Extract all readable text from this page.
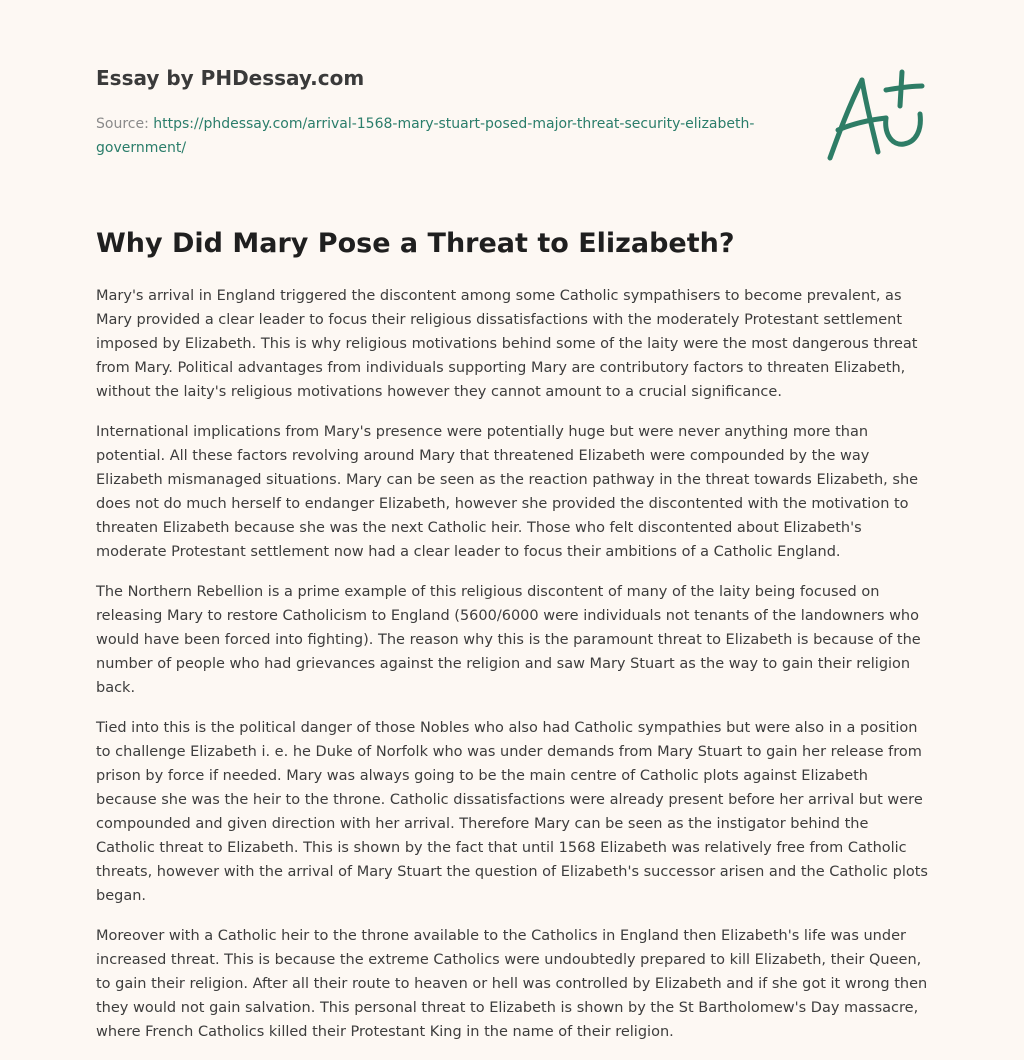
Essay by PHDessay.com
Source: https://phdessay.com/arrival-1568-mary-stuart-posed-major-threat-security-elizabeth-government/
Why Did Mary Pose a Threat to Elizabeth?

Mary's arrival in England triggered the discontent among some Catholic sympathisers to become prevalent, as Mary provided a clear leader to focus their religious dissatisfactions with the moderately Protestant settlement imposed by Elizabeth. This is why religious motivations behind some of the laity were the most dangerous threat from Mary. Political advantages from individuals supporting Mary are contributory factors to threaten Elizabeth, without the laity's religious motivations however they cannot amount to a crucial significance.

International implications from Mary's presence were potentially huge but were never anything more than potential. All these factors revolving around Mary that threatened Elizabeth were compounded by the way Elizabeth mismanaged situations. Mary can be seen as the reaction pathway in the threat towards Elizabeth, she does not do much herself to endanger Elizabeth, however she provided the discontented with the motivation to threaten Elizabeth because she was the next Catholic heir. Those who felt discontented about Elizabeth's moderate Protestant settlement now had a clear leader to focus their ambitions of a Catholic England.

The Northern Rebellion is a prime example of this religious discontent of many of the laity being focused on releasing Mary to restore Catholicism to England (5600/6000 were individuals not tenants of the landowners who would have been forced into fighting). The reason why this is the paramount threat to Elizabeth is because of the number of people who had grievances against the religion and saw Mary Stuart as the way to gain their religion back.

Tied into this is the political danger of those Nobles who also had Catholic sympathies but were also in a position to challenge Elizabeth i. e. he Duke of Norfolk who was under demands from Mary Stuart to gain her release from prison by force if needed. Mary was always going to be the main centre of Catholic plots against Elizabeth because she was the heir to the throne. Catholic dissatisfactions were already present before her arrival but were compounded and given direction with her arrival. Therefore Mary can be seen as the instigator behind the Catholic threat to Elizabeth. This is shown by the fact that until 1568 Elizabeth was relatively free from Catholic threats, however with the arrival of Mary Stuart the question of Elizabeth's successor arisen and the Catholic plots began.

Moreover with a Catholic heir to the throne available to the Catholics in England then Elizabeth's life was under increased threat. This is because the extreme Catholics were undoubtedly prepared to kill Elizabeth, their Queen, to gain their religion. After all their route to heaven or hell was controlled by Elizabeth and if she got it wrong then they would not gain salvation. This personal threat to Elizabeth is shown by the St Bartholomew's Day massacre, where French Catholics killed their Protestant King in the name of their religion.
